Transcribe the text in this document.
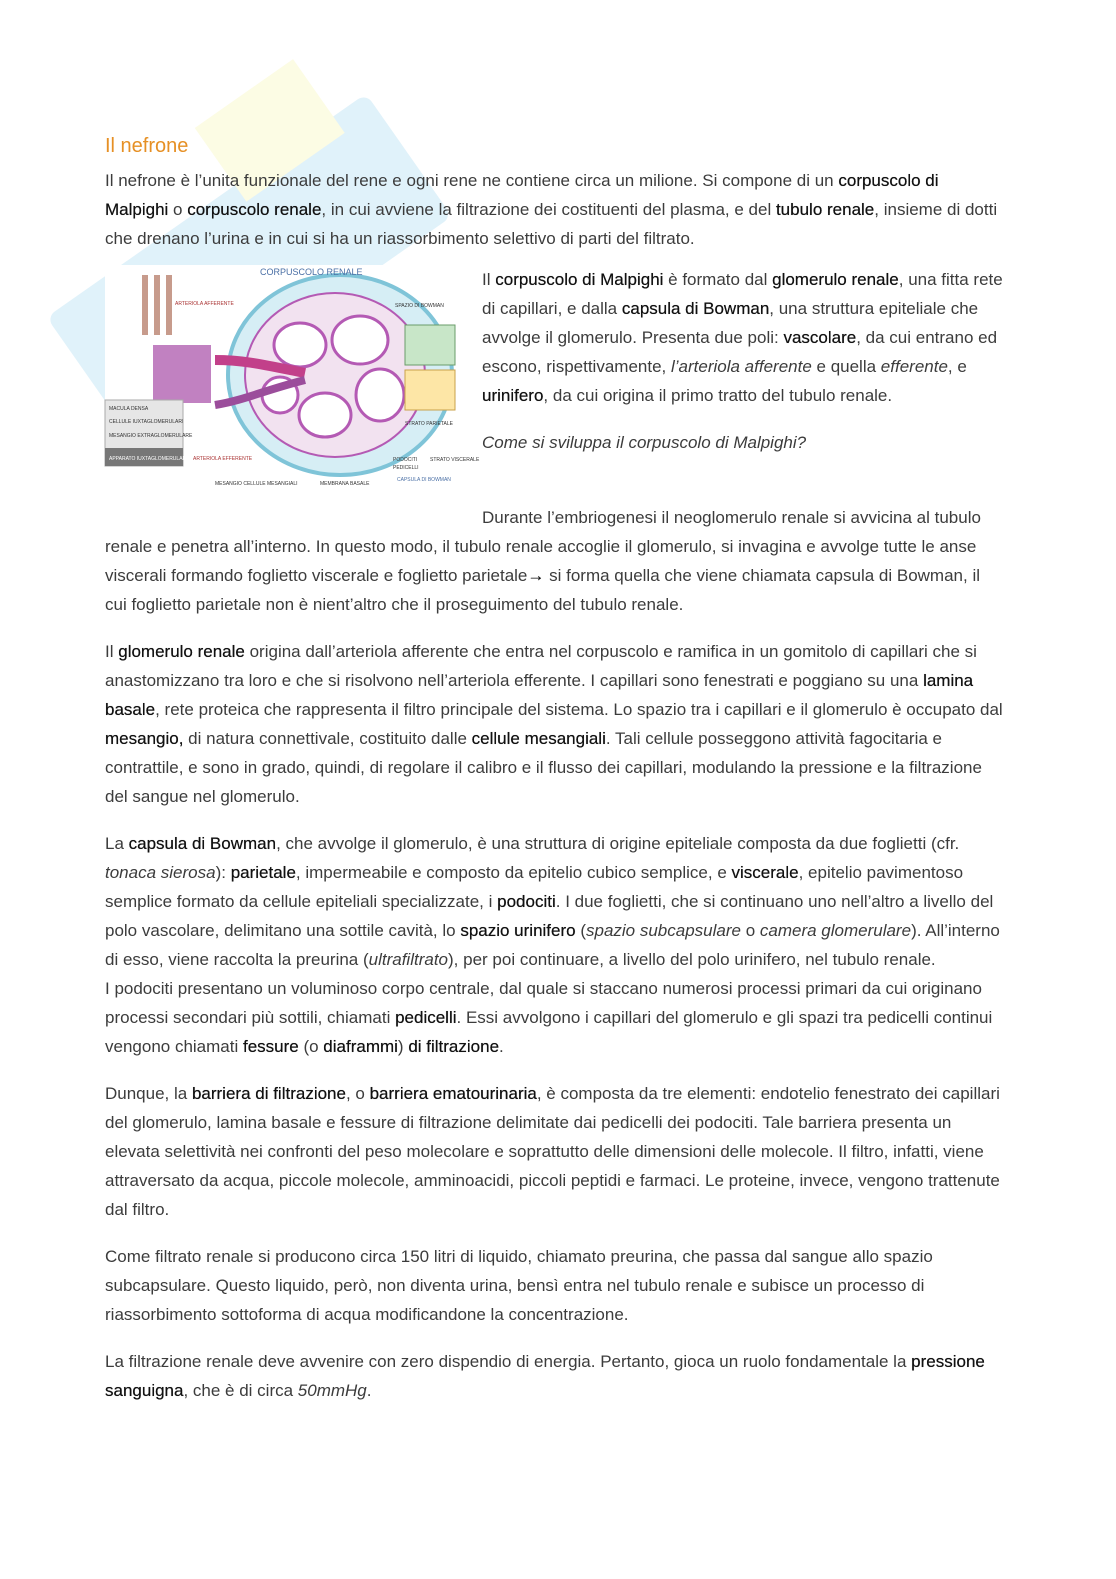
Il nefrone

Il nefrone è l’unita funzionale del rene e ogni rene ne contiene circa un milione. Si compone di un corpuscolo di Malpighi o corpuscolo renale, in cui avviene la filtrazione dei costituenti del plasma, e del tubulo renale, insieme di dotti che drenano l’urina e in cui si ha un riassorbimento selettivo di parti del filtrato.

CORPUSCOLO RENALE
SPAZIO DI BOWMAN
ARTERIOLA AFFERENTE
MACULA DENSA
CELLULE IUXTAGLOMERULARI
MESANGIO EXTRAGLOMERULARE
APPARATO IUXTAGLOMERULARE ARTERIOLA EFFERENTE
MESANGIO CELLULE MESANGIALI	MEMBRANA BASALE
PODOCITI
PEDICELLI
STRATO PARIETALE
STRATO VISCERALE
CAPSULA DI BOWMAN

Il corpuscolo di Malpighi è formato dal glomerulo renale, una fitta rete di capillari, e dalla capsula di Bowman, una struttura epiteliale che avvolge il glomerulo. Presenta due poli: vascolare, da cui entrano ed escono, rispettivamente, l’arteriola afferente e quella efferente, e urinifero, da cui origina il primo tratto del tubulo renale.

Come si sviluppa il corpuscolo di Malpighi?

Durante l’embriogenesi il neoglomerulo renale si avvicina al tubulo renale e penetra all’interno. In questo modo, il tubulo renale accoglie il glomerulo, si invagina e avvolge tutte le anse viscerali formando foglietto viscerale e foglietto parietale→ si forma quella che viene chiamata capsula di Bowman, il cui foglietto parietale non è nient’altro che il proseguimento del tubulo renale.

Il glomerulo renale origina dall’arteriola afferente che entra nel corpuscolo e ramifica in un gomitolo di capillari che si anastomizzano tra loro e che si risolvono nell’arteriola efferente. I capillari sono fenestrati e poggiano su una lamina basale, rete proteica che rappresenta il filtro principale del sistema. Lo spazio tra i capillari e il glomerulo è occupato dal mesangio, di natura connettivale, costituito dalle cellule mesangiali. Tali cellule posseggono attività fagocitaria e contrattile, e sono in grado, quindi, di regolare il calibro e il flusso dei capillari, modulando la pressione e la filtrazione del sangue nel glomerulo.

La capsula di Bowman, che avvolge il glomerulo, è una struttura di origine epiteliale composta da due foglietti (cfr. tonaca sierosa): parietale, impermeabile e composto da epitelio cubico semplice, e viscerale, epitelio pavimentoso semplice formato da cellule epiteliali specializzate, i podociti. I due foglietti, che si continuano uno nell’altro a livello del polo vascolare, delimitano una sottile cavità, lo spazio urinifero (spazio subcapsulare o camera glomerulare). All’interno di esso, viene raccolta la preurina (ultrafiltrato), per poi continuare, a livello del polo urinifero, nel tubulo renale.

I podociti presentano un voluminoso corpo centrale, dal quale si staccano numerosi processi primari da cui originano processi secondari più sottili, chiamati pedicelli. Essi avvolgono i capillari del glomerulo e gli spazi tra pedicelli continui vengono chiamati fessure (o diaframmi) di filtrazione.

Dunque, la barriera di filtrazione, o barriera ematourinaria, è composta da tre elementi: endotelio fenestrato dei capillari del glomerulo, lamina basale e fessure di filtrazione delimitate dai pedicelli dei podociti. Tale barriera presenta un elevata selettività nei confronti del peso molecolare e soprattutto delle dimensioni delle molecole. Il filtro, infatti, viene attraversato da acqua, piccole molecole, amminoacidi, piccoli peptidi e farmaci. Le proteine, invece, vengono trattenute dal filtro.

Come filtrato renale si producono circa 150 litri di liquido, chiamato preurina, che passa dal sangue allo spazio subcapsulare. Questo liquido, però, non diventa urina, bensì entra nel tubulo renale e subisce un processo di riassorbimento sottoforma di acqua modificandone la concentrazione.

La filtrazione renale deve avvenire con zero dispendio di energia. Pertanto, gioca un ruolo fondamentale la pressione sanguigna, che è di circa 50mmHg.
